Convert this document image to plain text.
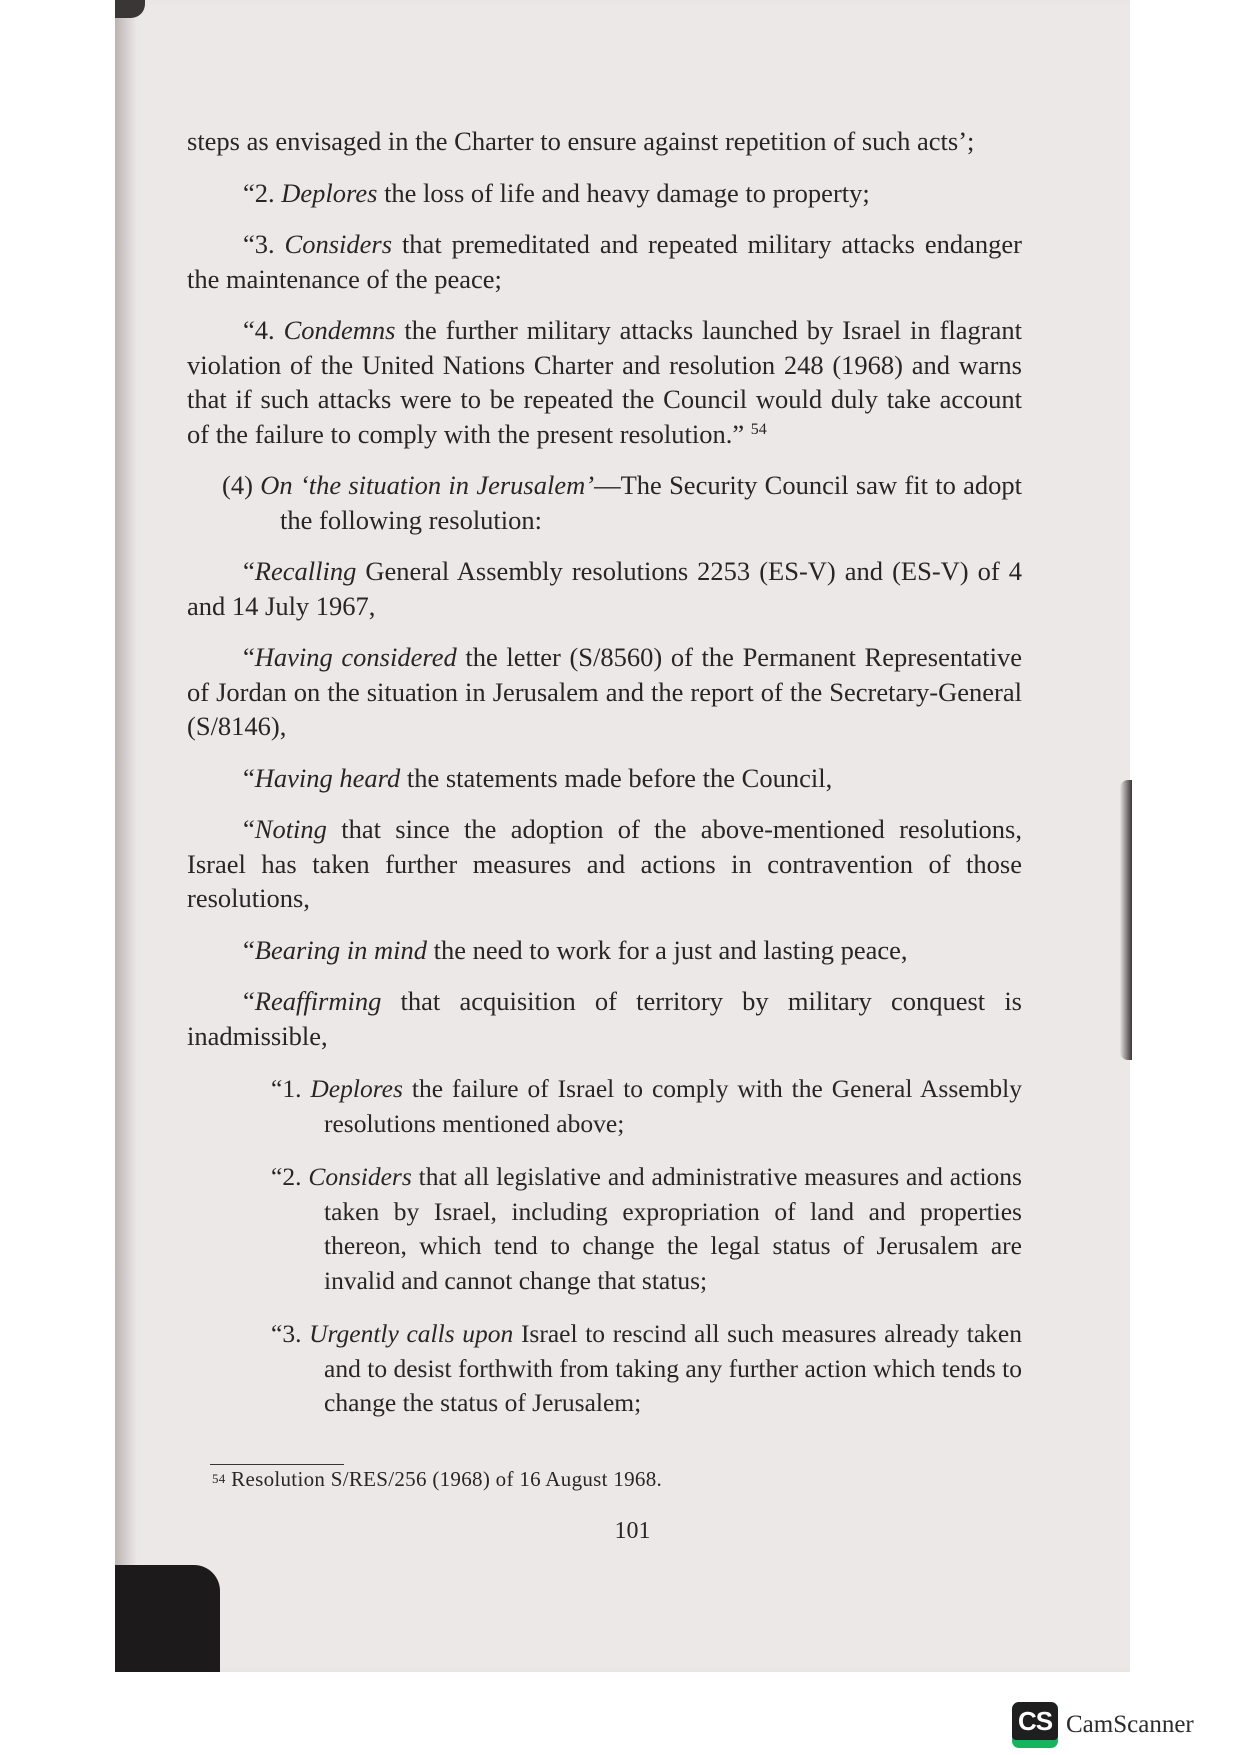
steps as envisaged in the Charter to ensure against repetition of such acts’;

“2. Deplores the loss of life and heavy damage to property;

“3. Considers that premeditated and repeated military attacks endanger the maintenance of the peace;

“4. Condemns the further military attacks launched by Israel in flagrant violation of the United Nations Charter and resolution 248 (1968) and warns that if such attacks were to be repeated the Council would duly take account of the failure to comply with the present resolution.” $^{54}$

(4) On ‘the situation in Jerusalem’—The Security Council saw fit to adopt the following resolution:

“Recalling General Assembly resolutions 2253 (ES-V) and (ES-V) of 4 and 14 July 1967,

“Having considered the letter (S/8560) of the Permanent Representative of Jordan on the situation in Jerusalem and the report of the Secretary-General (S/8146),

“Having heard the statements made before the Council,

“Noting that since the adoption of the above-mentioned resolutions, Israel has taken further measures and actions in contravention of those resolutions,

“Bearing in mind the need to work for a just and lasting peace,

“Reaffirming that acquisition of territory by military conquest is inadmissible,

“1. Deplores the failure of Israel to comply with the General Assembly resolutions mentioned above;

“2. Considers that all legislative and administrative measures and actions taken by Israel, including expropriation of land and properties thereon, which tend to change the legal status of Jerusalem are invalid and cannot change that status;

“3. Urgently calls upon Israel to rescind all such measures already taken and to desist forthwith from taking any further action which tends to change the status of Jerusalem;

$^{54}$ Resolution S/RES/256 (1968) of 16 August 1968.
101
CS CamScanner
